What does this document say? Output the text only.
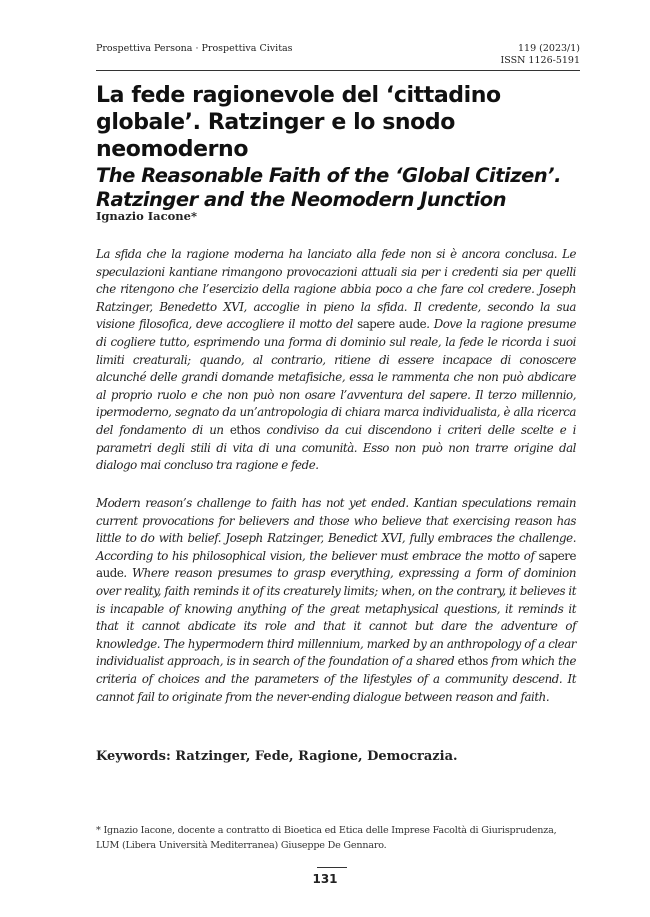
Prospettiva Persona · Prospettiva Civitas	119 (2023/1)
ISSN 1126-5191
La fede ragionevole del ‘cittadino globale’. Ratzinger e lo snodo neomoderno
The Reasonable Faith of the ‘Global Citizen’. Ratzinger and the Neomodern Junction
Ignazio Iacone*

La sfida che la ragione moderna ha lanciato alla fede non si è ancora conclusa. Le speculazioni kantiane rimangono provocazioni attuali sia per i credenti sia per quelli che ritengono che l’esercizio della ragione abbia poco a che fare col credere. Joseph Ratzinger, Benedetto XVI, accoglie in pieno la sfida. Il credente, secondo la sua visione filosofica, deve accogliere il motto del sapere aude. Dove la ragione presume di cogliere tutto, esprimendo una forma di dominio sul reale, la fede le ricorda i suoi limiti creaturali; quando, al contrario, ritiene di essere incapace di conoscere alcunché delle grandi domande metafisiche, essa le rammenta che non può abdicare al proprio ruolo e che non può non osare l’avventura del sapere. Il terzo millennio, ipermoderno, segnato da un’antropologia di chiara marca individualista, è alla ricerca del fondamento di un ethos condiviso da cui discendono i criteri delle scelte e i parametri degli stili di vita di una comunità. Esso non può non trarre origine dal dialogo mai concluso tra ragione e fede.

Modern reason’s challenge to faith has not yet ended. Kantian speculations remain current provocations for believers and those who believe that exercising reason has little to do with belief. Joseph Ratzinger, Benedict XVI, fully embraces the challenge. According to his philosophical vision, the believer must embrace the motto of sapere aude. Where reason presumes to grasp everything, expressing a form of dominion over reality, faith reminds it of its creaturely limits; when, on the contrary, it believes it is incapable of knowing anything of the great metaphysical questions, it reminds it that it cannot abdicate its role and that it cannot but dare the adventure of knowledge. The hypermodern third millennium, marked by an anthropology of a clear individualist approach, is in search of the foundation of a shared ethos from which the criteria of choices and the parameters of the lifestyles of a community descend. It cannot fail to originate from the never-ending dialogue between reason and faith.

Keywords: Ratzinger, Fede, Ragione, Democrazia.
* Ignazio Iacone, docente a contratto di Bioetica ed Etica delle Imprese Facoltà di Giurisprudenza, LUM (Libera Università Mediterranea) Giuseppe De Gennaro.
131
